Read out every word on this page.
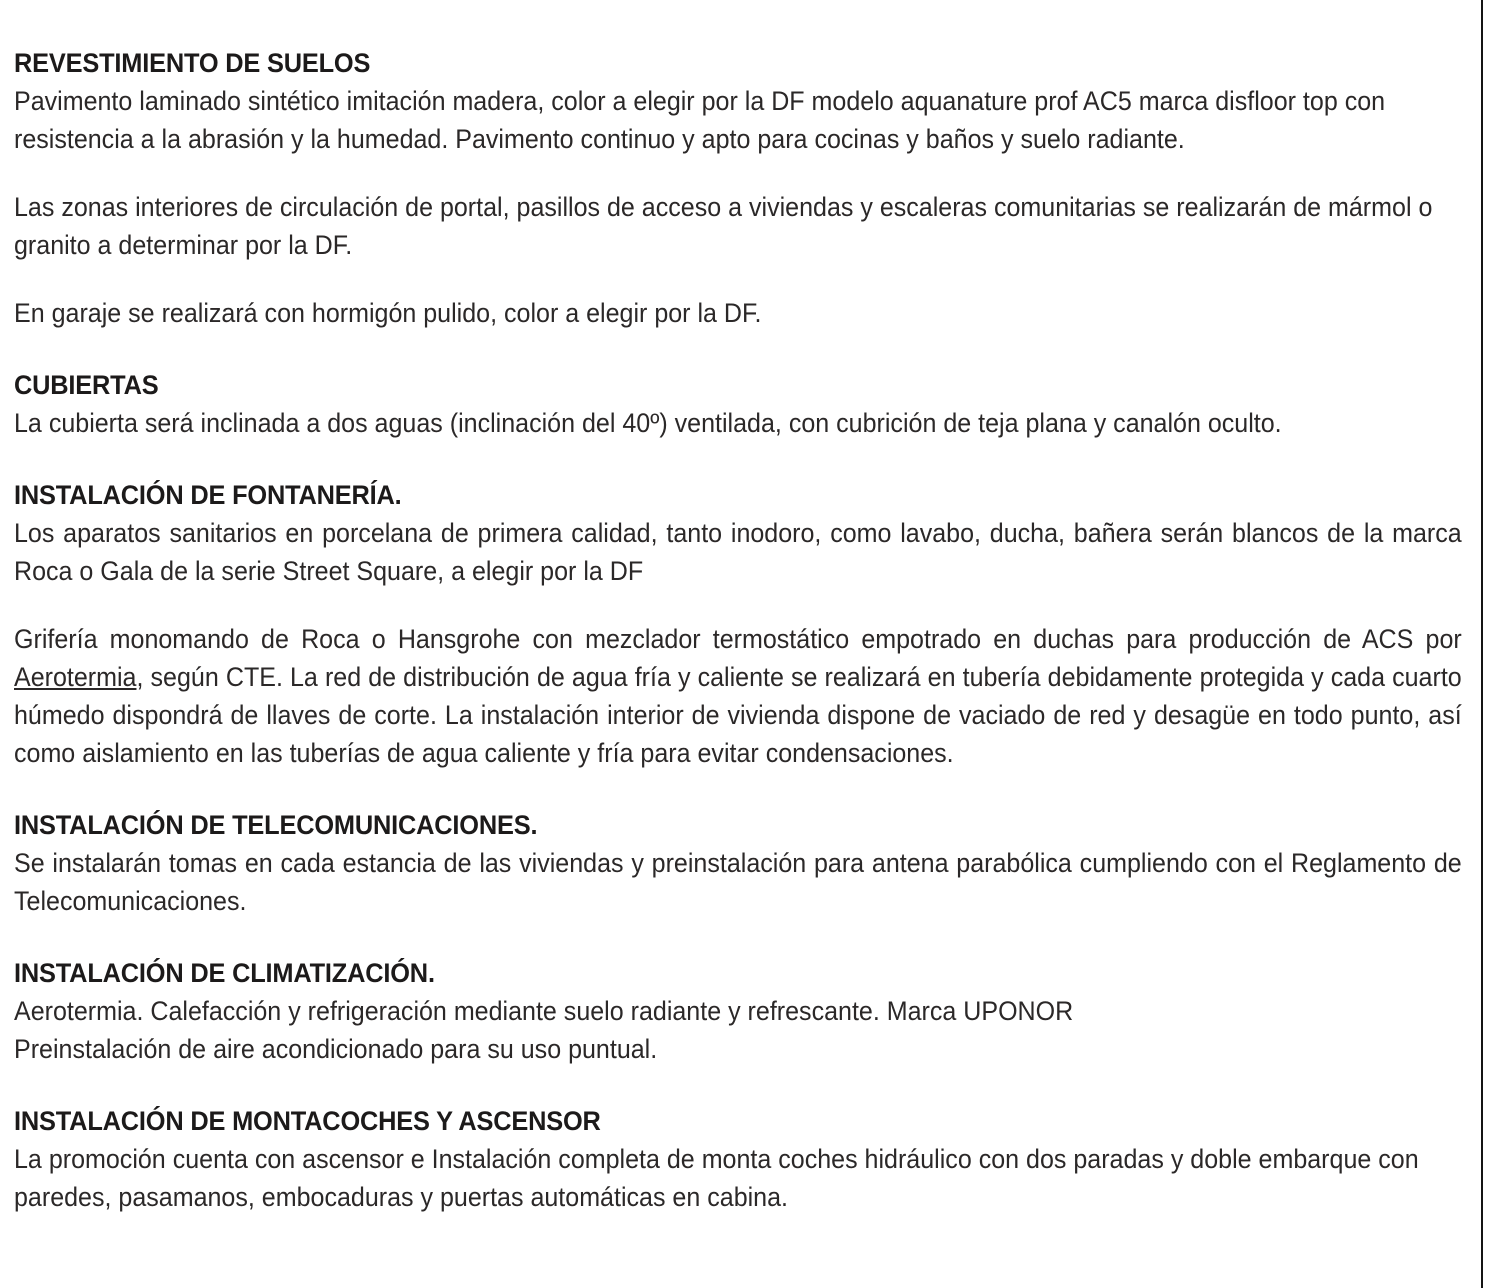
REVESTIMIENTO DE SUELOS

Pavimento laminado sintético imitación madera, color a elegir por la DF modelo aquanature prof AC5 marca disfloor top con resistencia a la abrasión y la humedad. Pavimento continuo y apto para cocinas y baños y suelo radiante.

Las zonas interiores de circulación de portal, pasillos de acceso a viviendas y escaleras comunitarias se realizarán de mármol o granito a determinar por la DF.

En garaje se realizará con hormigón pulido, color a elegir por la DF.

CUBIERTAS

La cubierta será inclinada a dos aguas (inclinación del 40º) ventilada, con cubrición de teja plana y canalón oculto.

INSTALACIÓN DE FONTANERÍA.

Los aparatos sanitarios en porcelana de primera calidad, tanto inodoro, como lavabo, ducha, bañera serán blancos de la marca Roca o Gala de la serie Street Square, a elegir por la DF

Grifería monomando de Roca o Hansgrohe con mezclador termostático empotrado en duchas para producción de ACS por Aerotermia, según CTE. La red de distribución de agua fría y caliente se realizará en tubería debidamente protegida y cada cuarto húmedo dispondrá de llaves de corte. La instalación interior de vivienda dispone de vaciado de red y desagüe en todo punto, así como aislamiento en las tuberías de agua caliente y fría para evitar condensaciones.

INSTALACIÓN DE TELECOMUNICACIONES.

Se instalarán tomas en cada estancia de las viviendas y preinstalación para antena parabólica cumpliendo con el Reglamento de Telecomunicaciones.

INSTALACIÓN DE CLIMATIZACIÓN.

Aerotermia. Calefacción y refrigeración mediante suelo radiante y refrescante. Marca UPONOR

Preinstalación de aire acondicionado para su uso puntual.

INSTALACIÓN DE MONTACOCHES Y ASCENSOR

La promoción cuenta con ascensor e Instalación completa de monta coches hidráulico con dos paradas y doble embarque con paredes, pasamanos, embocaduras y puertas automáticas en cabina.
